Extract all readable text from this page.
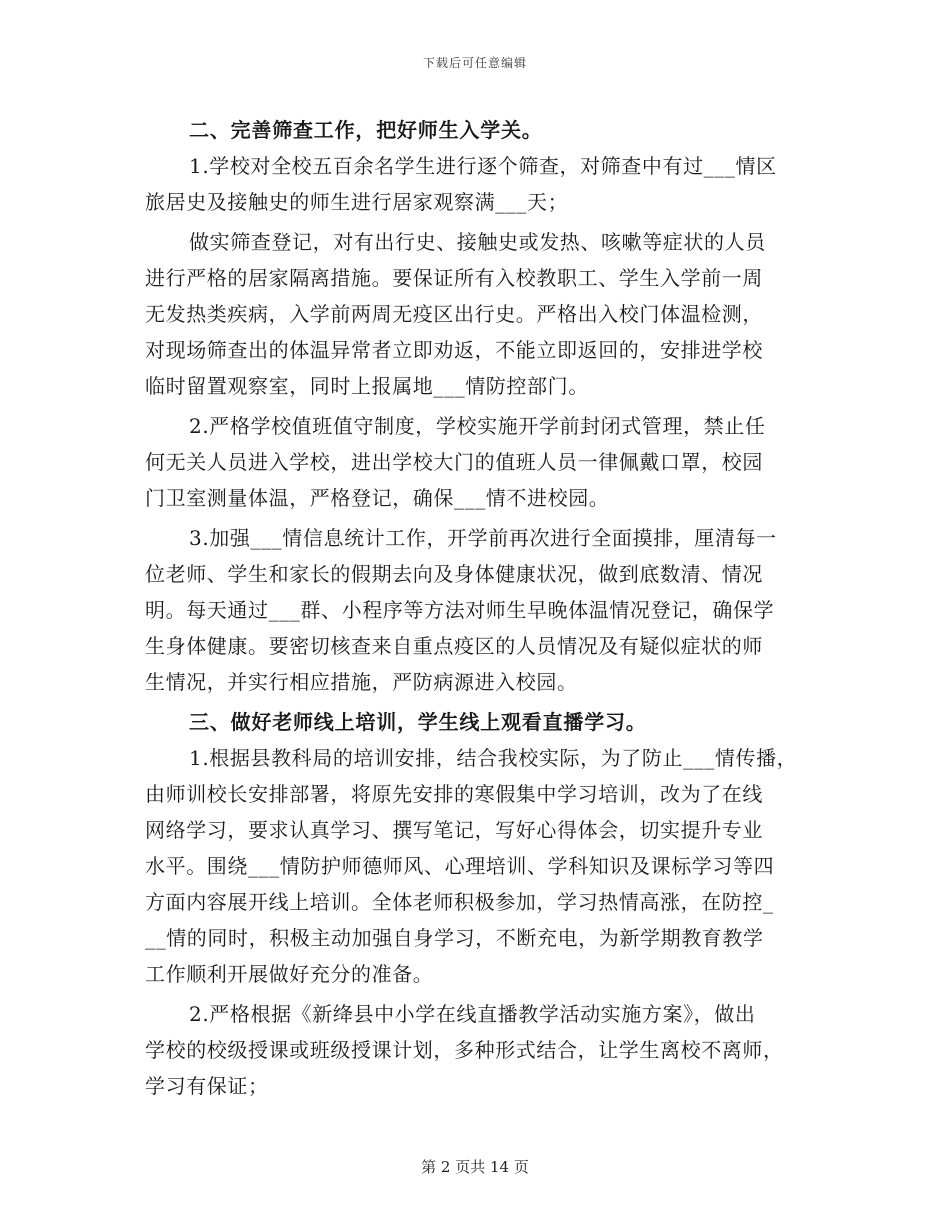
下载后可任意编辑
二、完善筛查工作，把好师生入学关。
1.学校对全校五百余名学生进行逐个筛查，对筛查中有过___情区
旅居史及接触史的师生进行居家观察满___天；
做实筛查登记，对有出行史、接触史或发热、咳嗽等症状的人员
进行严格的居家隔离措施。要保证所有入校教职工、学生入学前一周
无发热类疾病，入学前两周无疫区出行史。严格出入校门体温检测，
对现场筛查出的体温异常者立即劝返，不能立即返回的，安排进学校
临时留置观察室，同时上报属地___情防控部门。
2.严格学校值班值守制度，学校实施开学前封闭式管理，禁止任
何无关人员进入学校，进出学校大门的值班人员一律佩戴口罩，校园
门卫室测量体温，严格登记，确保___情不进校园。
3.加强___情信息统计工作，开学前再次进行全面摸排，厘清每一
位老师、学生和家长的假期去向及身体健康状况，做到底数清、情况
明。每天通过___群、小程序等方法对师生早晚体温情况登记，确保学
生身体健康。要密切核查来自重点疫区的人员情况及有疑似症状的师
生情况，并实行相应措施，严防病源进入校园。
三、做好老师线上培训，学生线上观看直播学习。
1.根据县教科局的培训安排，结合我校实际，为了防止___情传播，
由师训校长安排部署，将原先安排的寒假集中学习培训，改为了在线
网络学习，要求认真学习、撰写笔记，写好心得体会，切实提升专业
水平。围绕___情防护师德师风、心理培训、学科知识及课标学习等四
方面内容展开线上培训。全体老师积极参加，学习热情高涨，在防控_
__情的同时，积极主动加强自身学习，不断充电，为新学期教育教学
工作顺利开展做好充分的准备。
2.严格根据《新绛县中小学在线直播教学活动实施方案》，做出
学校的校级授课或班级授课计划，多种形式结合，让学生离校不离师，
学习有保证；
第 2 页共 14 页
